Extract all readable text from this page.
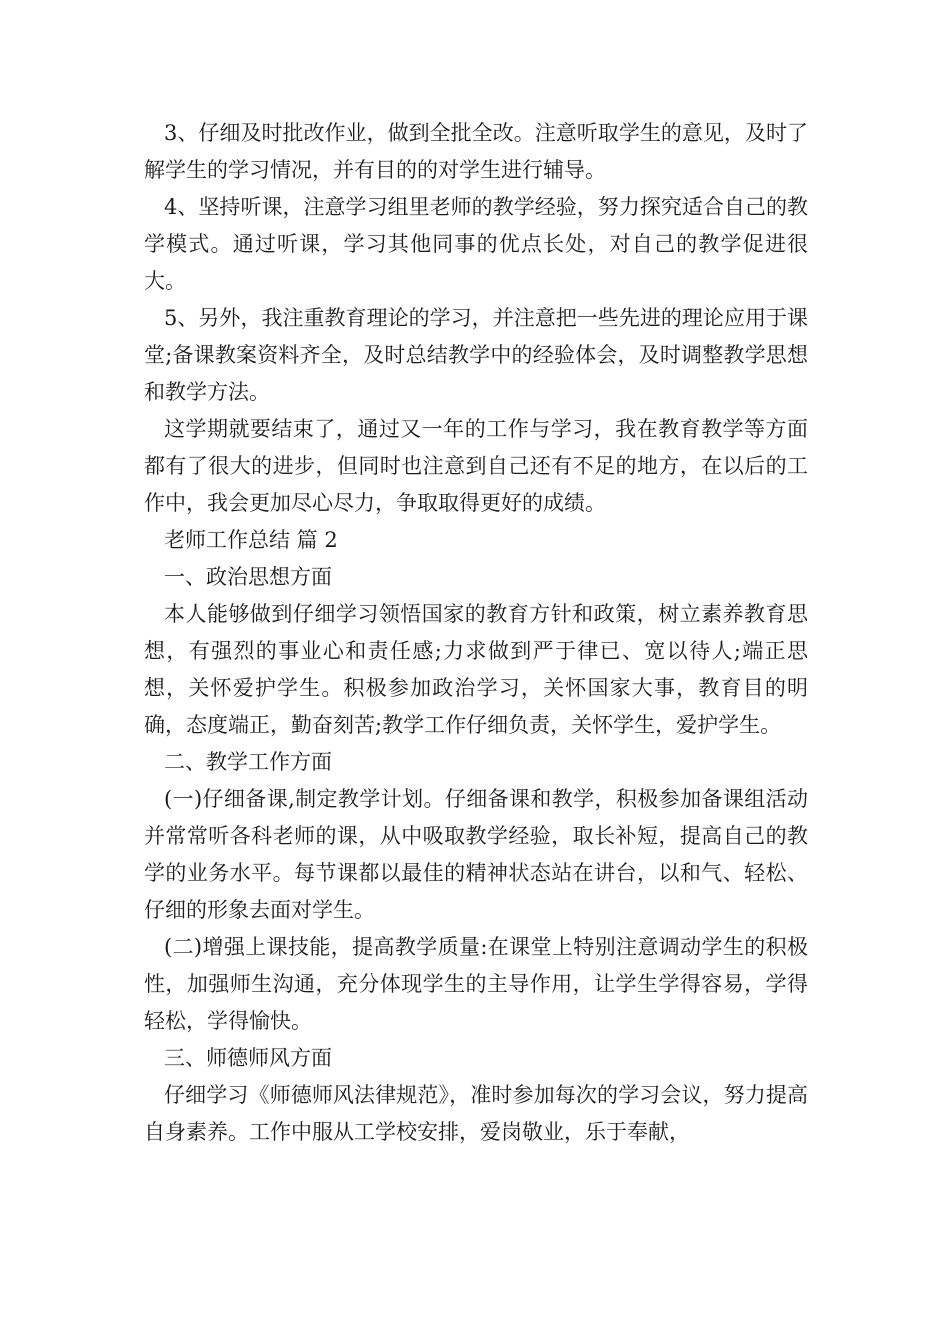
3、仔细及时批改作业，做到全批全改。注意听取学生的意见，及时了解学生的学习情况，并有目的的对学生进行辅导。

4、坚持听课，注意学习组里老师的教学经验，努力探究适合自己的教学模式。通过听课，学习其他同事的优点长处，对自己的教学促进很大。

5、另外，我注重教育理论的学习，并注意把一些先进的理论应用于课堂;备课教案资料齐全，及时总结教学中的经验体会，及时调整教学思想和教学方法。

这学期就要结束了，通过又一年的工作与学习，我在教育教学等方面都有了很大的进步，但同时也注意到自己还有不足的地方，在以后的工作中，我会更加尽心尽力，争取取得更好的成绩。

老师工作总结 篇 2

一、政治思想方面

本人能够做到仔细学习领悟国家的教育方针和政策，树立素养教育思想，有强烈的事业心和责任感;力求做到严于律已、宽以待人;端正思想，关怀爱护学生。积极参加政治学习，关怀国家大事，教育目的明确，态度端正，勤奋刻苦;教学工作仔细负责，关怀学生，爱护学生。

二、教学工作方面

(一)仔细备课,制定教学计划。仔细备课和教学，积极参加备课组活动并常常听各科老师的课，从中吸取教学经验，取长补短，提高自己的教学的业务水平。每节课都以最佳的精神状态站在讲台，以和气、轻松、仔细的形象去面对学生。

(二)增强上课技能，提高教学质量:在课堂上特别注意调动学生的积极性，加强师生沟通，充分体现学生的主导作用，让学生学得容易，学得轻松，学得愉快。

三、师德师风方面

仔细学习《师德师风法律规范》，准时参加每次的学习会议，努力提高自身素养。工作中服从工学校安排，爱岗敬业，乐于奉献，
